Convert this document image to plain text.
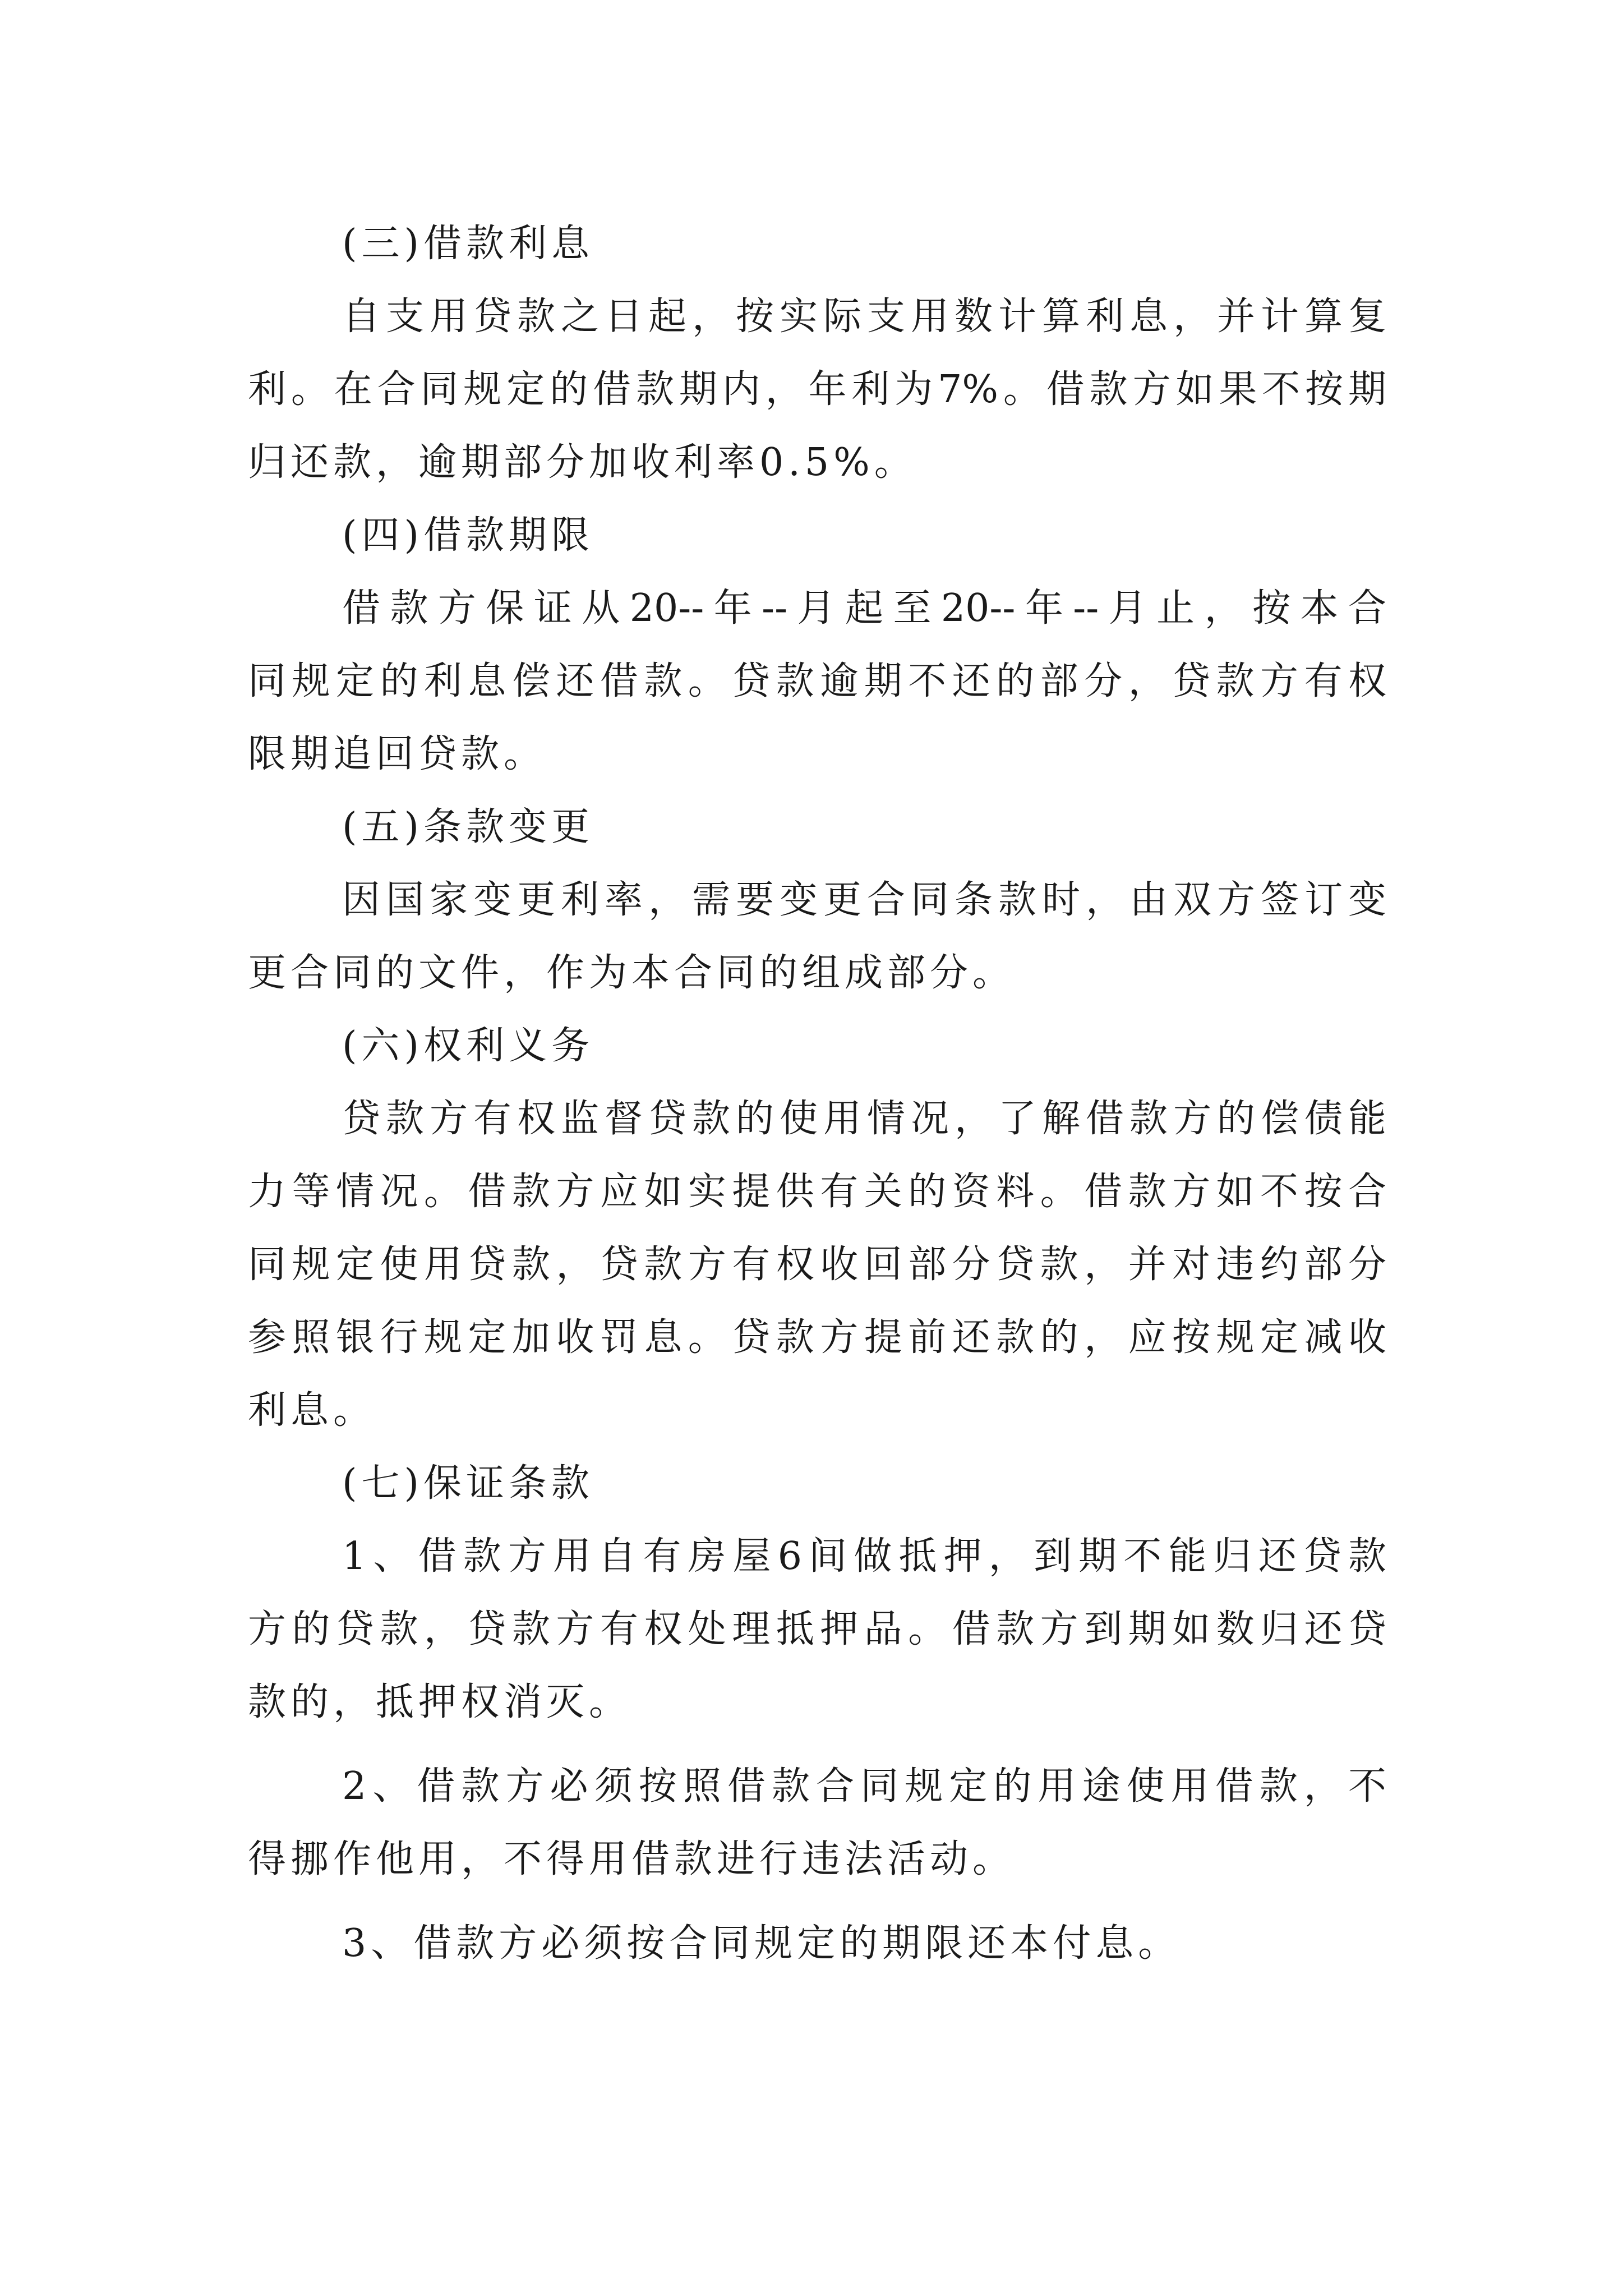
(三)借款利息
自支用贷款之日起，按实际支用数计算利息，并计算复
利。在合同规定的借款期内，年利为7%。借款方如果不按期
归还款，逾期部分加收利率0.5%。
(四)借款期限
借款方保证从20--年--月起至20--年--月止，按本合
同规定的利息偿还借款。贷款逾期不还的部分，贷款方有权
限期追回贷款。
(五)条款变更
因国家变更利率，需要变更合同条款时，由双方签订变
更合同的文件，作为本合同的组成部分。
(六)权利义务
贷款方有权监督贷款的使用情况，了解借款方的偿债能
力等情况。借款方应如实提供有关的资料。借款方如不按合
同规定使用贷款，贷款方有权收回部分贷款，并对违约部分
参照银行规定加收罚息。贷款方提前还款的，应按规定减收
利息。
(七)保证条款
1、借款方用自有房屋6间做抵押，到期不能归还贷款
方的贷款，贷款方有权处理抵押品。借款方到期如数归还贷
款的，抵押权消灭。
2、借款方必须按照借款合同规定的用途使用借款，不
得挪作他用，不得用借款进行违法活动。
3、借款方必须按合同规定的期限还本付息。
